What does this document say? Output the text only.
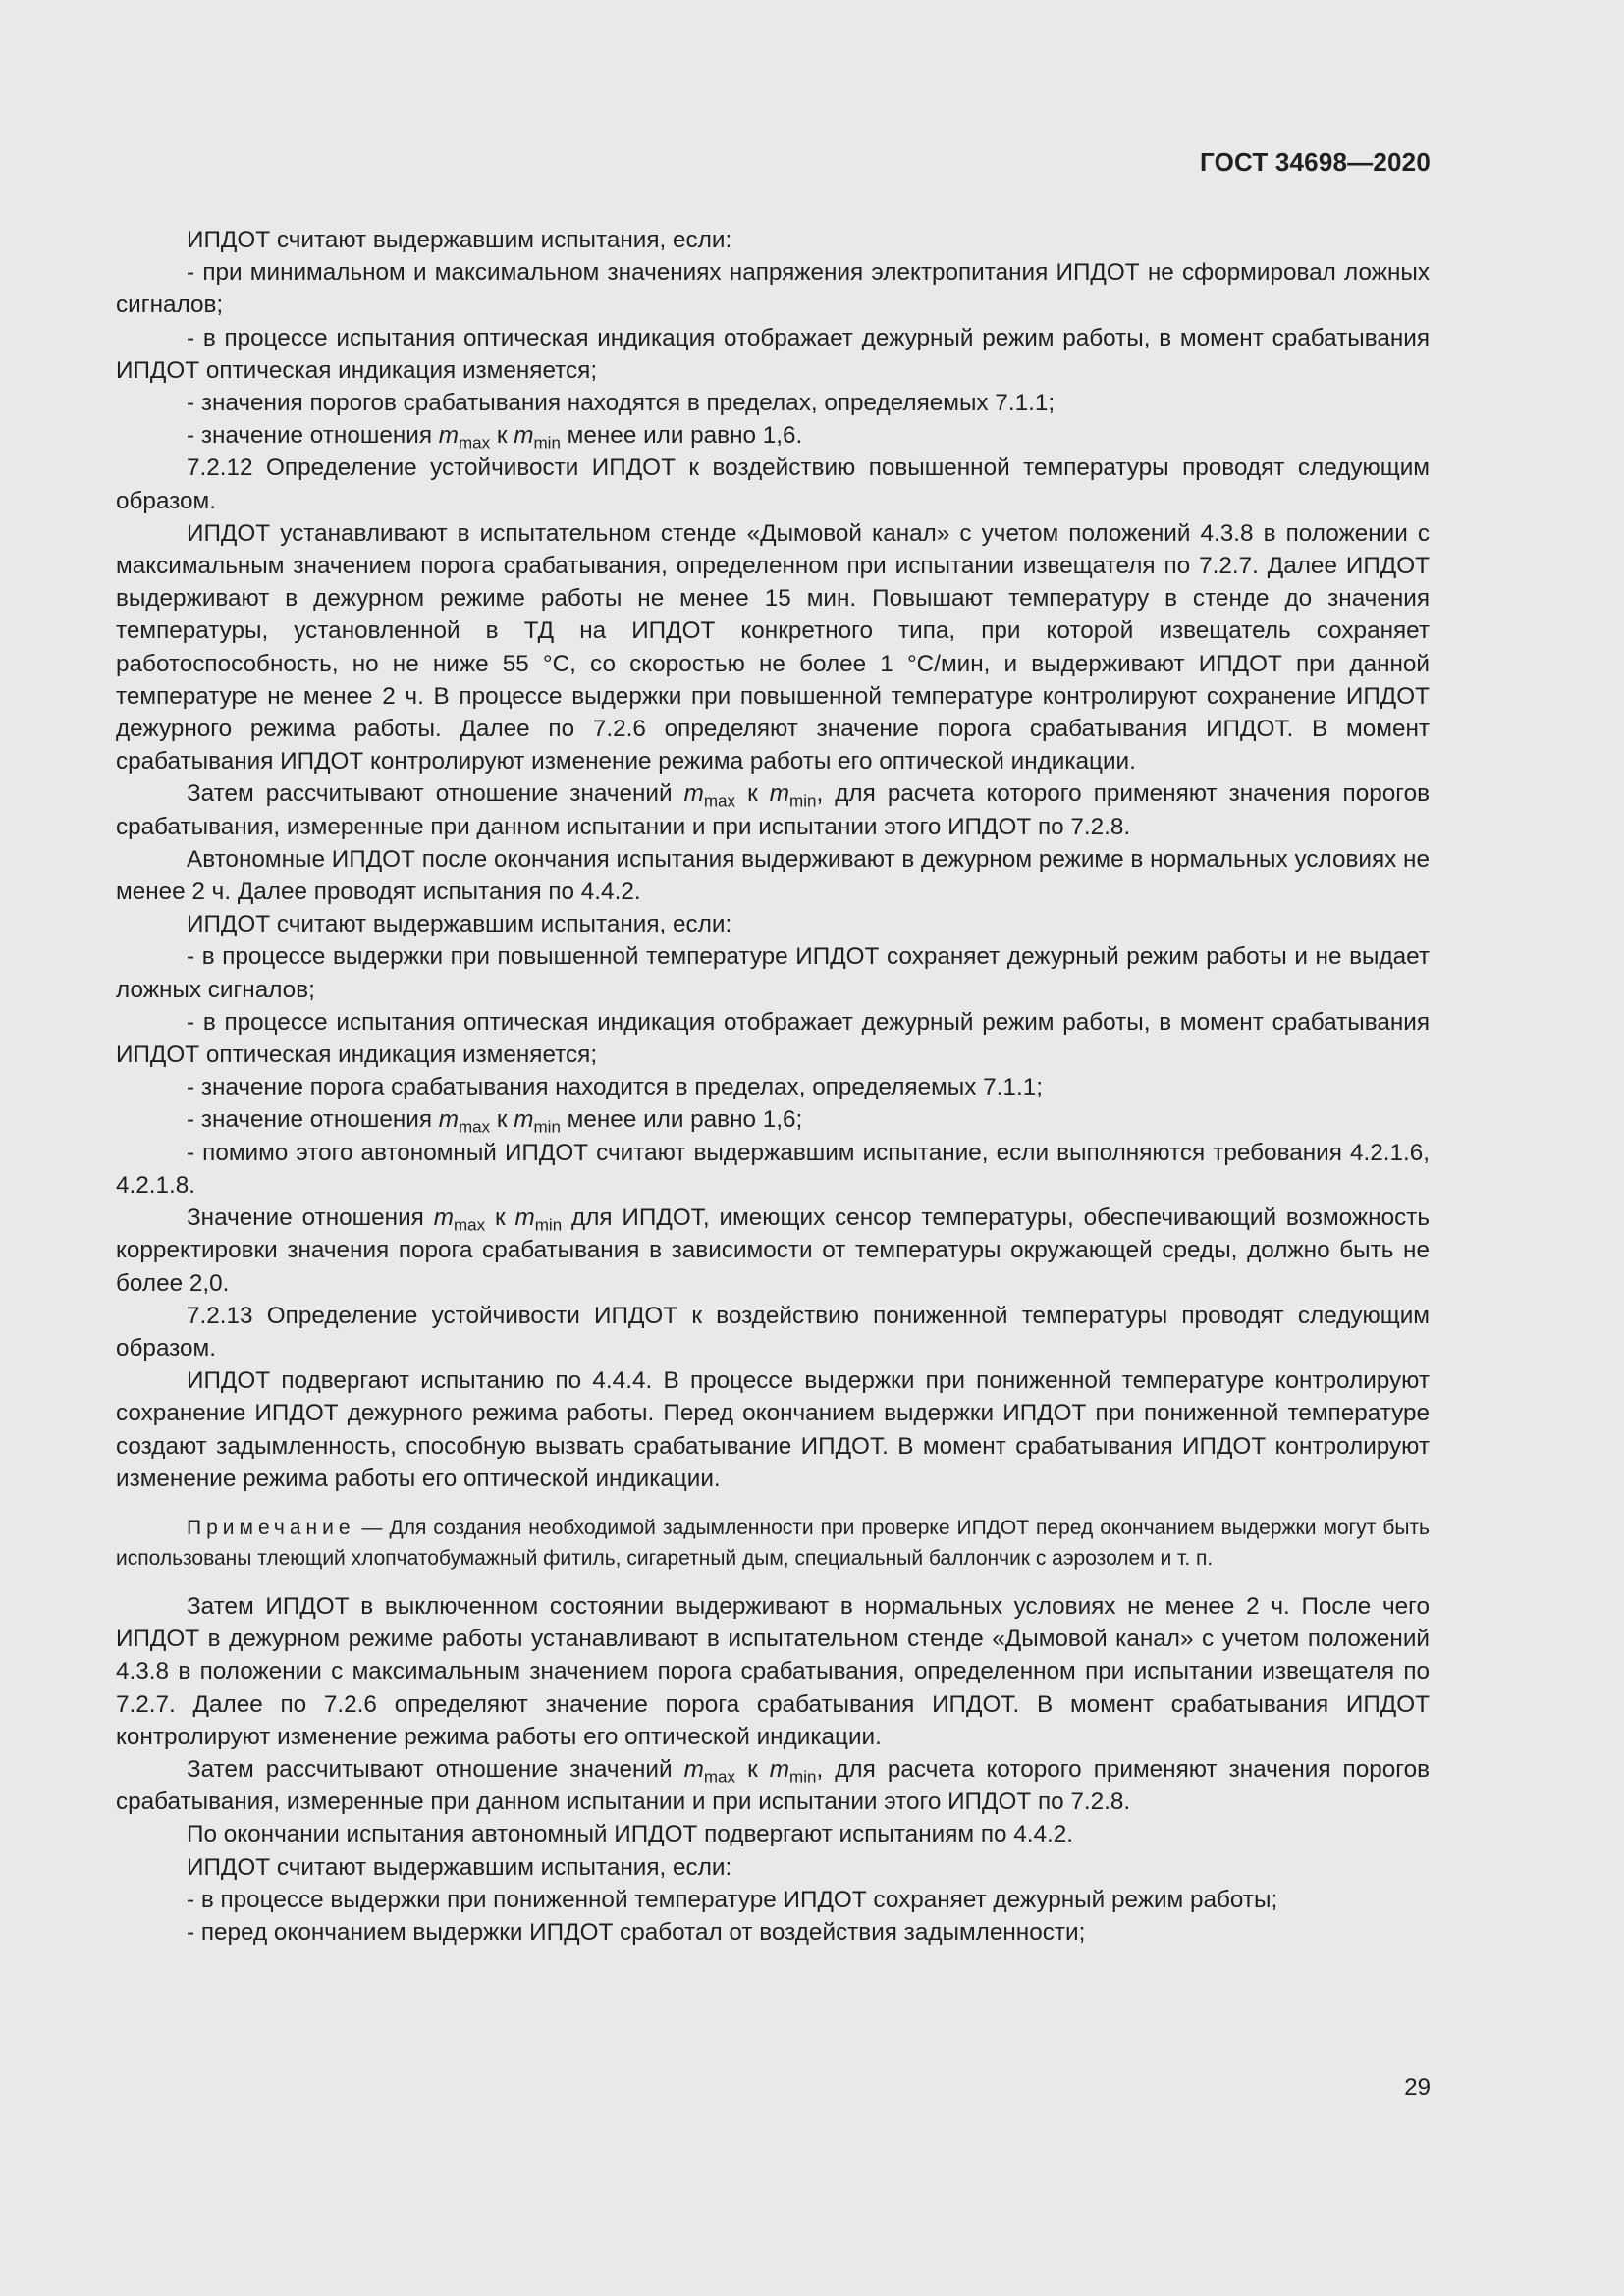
ГОСТ 34698—2020

ИПДОТ считают выдержавшим испытания, если:

- при минимальном и максимальном значениях напряжения электропитания ИПДОТ не сформировал ложных сигналов;

- в процессе испытания оптическая индикация отображает дежурный режим работы, в момент срабатывания ИПДОТ оптическая индикация изменяется;

- значения порогов срабатывания находятся в пределах, определяемых 7.1.1;

- значение отношения $m_{max}$ к $m_{min}$ менее или равно 1,6.

7.2.12 Определение устойчивости ИПДОТ к воздействию повышенной температуры проводят следующим образом.

ИПДОТ устанавливают в испытательном стенде «Дымовой канал» с учетом положений 4.3.8 в положении с максимальным значением порога срабатывания, определенном при испытании извещателя по 7.2.7. Далее ИПДОТ выдерживают в дежурном режиме работы не менее 15 мин. Повышают температуру в стенде до значения температуры, установленной в ТД на ИПДОТ конкретного типа, при которой извещатель сохраняет работоспособность, но не ниже 55 °С, со скоростью не более 1 °С/мин, и выдерживают ИПДОТ при данной температуре не менее 2 ч. В процессе выдержки при повышенной температуре контролируют сохранение ИПДОТ дежурного режима работы. Далее по 7.2.6 определяют значение порога срабатывания ИПДОТ. В момент срабатывания ИПДОТ контролируют изменение режима работы его оптической индикации.

Затем рассчитывают отношение значений $m_{max}$ к $m_{min}$, для расчета которого применяют значения порогов срабатывания, измеренные при данном испытании и при испытании этого ИПДОТ по 7.2.8.

Автономные ИПДОТ после окончания испытания выдерживают в дежурном режиме в нормальных условиях не менее 2 ч. Далее проводят испытания по 4.4.2.

ИПДОТ считают выдержавшим испытания, если:

- в процессе выдержки при повышенной температуре ИПДОТ сохраняет дежурный режим работы и не выдает ложных сигналов;

- в процессе испытания оптическая индикация отображает дежурный режим работы, в момент срабатывания ИПДОТ оптическая индикация изменяется;

- значение порога срабатывания находится в пределах, определяемых 7.1.1;

- значение отношения $m_{max}$ к $m_{min}$ менее или равно 1,6;

- помимо этого автономный ИПДОТ считают выдержавшим испытание, если выполняются требования 4.2.1.6, 4.2.1.8.

Значение отношения $m_{max}$ к $m_{min}$ для ИПДОТ, имеющих сенсор температуры, обеспечивающий возможность корректировки значения порога срабатывания в зависимости от температуры окружающей среды, должно быть не более 2,0.

7.2.13 Определение устойчивости ИПДОТ к воздействию пониженной температуры проводят следующим образом.

ИПДОТ подвергают испытанию по 4.4.4. В процессе выдержки при пониженной температуре контролируют сохранение ИПДОТ дежурного режима работы. Перед окончанием выдержки ИПДОТ при пониженной температуре создают задымленность, способную вызвать срабатывание ИПДОТ. В момент срабатывания ИПДОТ контролируют изменение режима работы его оптической индикации.

Примечание — Для создания необходимой задымленности при проверке ИПДОТ перед окончанием выдержки могут быть использованы тлеющий хлопчатобумажный фитиль, сигаретный дым, специальный баллончик с аэрозолем и т. п.

Затем ИПДОТ в выключенном состоянии выдерживают в нормальных условиях не менее 2 ч. После чего ИПДОТ в дежурном режиме работы устанавливают в испытательном стенде «Дымовой канал» с учетом положений 4.3.8 в положении с максимальным значением порога срабатывания, определенном при испытании извещателя по 7.2.7. Далее по 7.2.6 определяют значение порога срабатывания ИПДОТ. В момент срабатывания ИПДОТ контролируют изменение режима работы его оптической индикации.

Затем рассчитывают отношение значений $m_{max}$ к $m_{min}$, для расчета которого применяют значения порогов срабатывания, измеренные при данном испытании и при испытании этого ИПДОТ по 7.2.8.

По окончании испытания автономный ИПДОТ подвергают испытаниям по 4.4.2.

ИПДОТ считают выдержавшим испытания, если:

- в процессе выдержки при пониженной температуре ИПДОТ сохраняет дежурный режим работы;

- перед окончанием выдержки ИПДОТ сработал от воздействия задымленности;

29
